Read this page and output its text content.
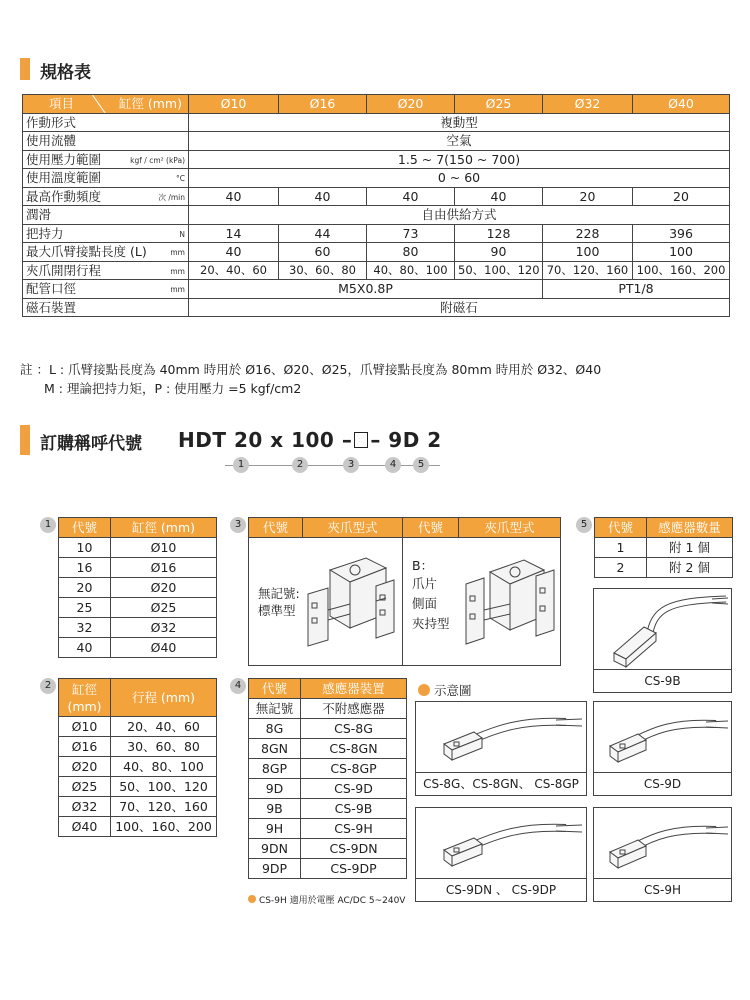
規格表
項目 缸徑 (mm)	Ø10	Ø16	Ø20	Ø25	Ø32	Ø40
作動形式	複動型					
使用流體	空氣					
使用壓力範圍 kgf / cm² (kPa)	1.5 ~ 7(150 ~ 700)					
使用溫度範圍 °C	0 ~ 60					
最高作動頻度 次 /min	40	40	40	40	20	20
潤滑	自由供給方式					
把持力 N	14	44	73	128	228	396
最大爪臂接點長度 (L) mm	40	60	80	90	100	100
夾爪開閉行程 mm	20、40、60	30、60、80	40、80、100	50、100、120	70、120、160	100、160、200
配管口徑 mm	M5X0.8P				PT1/8	
磁石裝置	附磁石					
註 ：L : 爪臂接點長度為 40mm 時用於 Ø16、Ø20、Ø25，爪臂接點長度為 80mm 時用於 Ø32、Ø40
M : 理論把持力矩，P : 使用壓力 =5 kgf/cm2
訂購稱呼代號 HDT 20 x 100 – – 9D 2
1	2	3	4	5
1	代號	缸徑 (mm)
10	Ø10
16	Ø16
20	Ø20
25	Ø25
32	Ø32
40	Ø40
2	缸徑
(mm)	行程 (mm)
Ø10	20、40、60
Ø16	30、60、80
Ø20	40、80、100
Ø25	50、100、120
Ø32	70、120、160
Ø40	100、160、200
3	代號	夾爪型式	代號	夾爪型式

無記號:
標準型
B：
爪片
側面
夾持型
4	代號	感應器裝置
無記號	不附感應器
8G	CS-8G
8GN	CS-8GN
8GP	CS-8GP
9D	CS-9D
9B	CS-9B
9H	CS-9H
9DN	CS-9DN
9DP	CS-9DP
CS-9H 適用於電壓 AC/DC 5~240V
5	代號	感應器數量
1	附 1 個
2	附 2 個
示意圖
CS-9B
CS-8G、CS-8GN、 CS-8GP	CS-9D
CS-9DN 、 CS-9DP	CS-9H
